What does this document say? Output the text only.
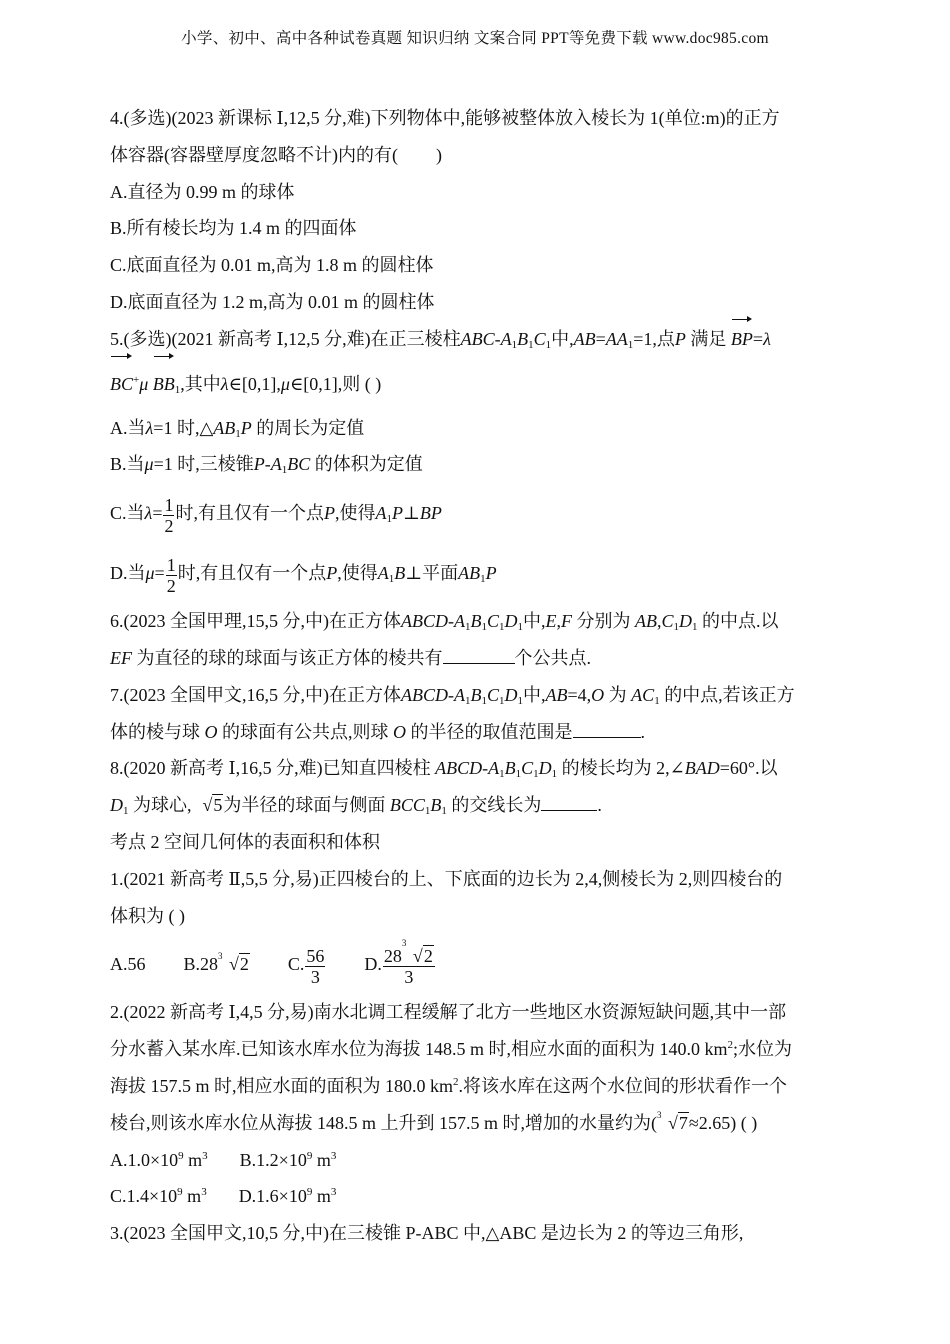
小学、初中、高中各种试卷真题 知识归纳 文案合同 PPT等免费下载 www.doc985.com
4.(多选)(2023 新课标 Ⅰ,12,5 分,难)下列物体中,能够被整体放入棱长为 1(单位:m)的正方
体容器(容器壁厚度忽略不计)内的有( )
A.直径为 0.99 m 的球体
B.所有棱长均为 1.4 m 的四面体
C.底面直径为 0.01 m,高为 1.8 m 的圆柱体
D.底面直径为 1.2 m,高为 0.01 m 的圆柱体
5.(多选)(2021 新高考 Ⅰ,12,5 分,难)在正三棱柱ABC-$A_1B_1C_1$中$,AB=AA_1=1$,点P 满足 BP=λ
BC+μ $BB_1$,其中λ∈[0,1],μ∈[0,1],则 ( )
A.当λ=1 时$,\triangle AB_1P$ 的周长为定值
B.当μ=1 时,三棱锥$P-A_1BC$ 的体积为定值
C.当$\lambda= \frac{1}{2}$ 时,有且仅有一个点P,使得$A_1P\perp BP$
D.当$\mu= \frac{1}{2}$ 时,有且仅有一个点P,使得$A_1B\perp$平面$AB_1P$
6.(2023 全国甲理,15,5 分,中)在正方体ABCD-$A_1B_1C_1D_1$中,E,F 分别为 $AB,C_1D_1$ 的中点.以
EF 为直径的球的球面与该正方体的棱共有	个公共点.
7.(2023 全国甲文,16,5 分,中)在正方体ABCD-$A_1B_1C_1D_1$中,AB=4,O 为 $AC_1$ 的中点,若该正方
体的棱与球 O 的球面有公共点,则球 O 的半径的取值范围是	.
8.(2020 新高考 Ⅰ,16,5 分,难)已知直四棱柱 ABCD-$A_1B_1C_1D_1$ 的棱长均为 2,∠BAD=60°.以
$D_1$ 为球心, √5为半径的球面与侧面 $BCC_1B_1$ 的交线长为	.
考点 2 空间几何体的表面积和体积
1.(2021 新高考 Ⅱ,5,5 分,易)正四棱台的上、下底面的边长为 2,4,侧棱长为 2,则四棱台的
体积为 ( )
A.56 B.28 3 √2 C. $\frac{56}{3} D$. 28
3
√2
3
2.(2022 新高考 Ⅰ,4,5 分,易)南水北调工程缓解了北方一些地区水资源短缺问题,其中一部
分水蓄入某水库.已知该水库水位为海拔 148.5 m 时,相应水面的面积为 140.0 $km^2$;水位为
海拔 157.5 m 时,相应水面的面积为 180.0 $km^2$.将该水库在这两个水位间的形状看作一个
棱台,则该水库水位从海拔 148.5 m 上升到 157.5 m 时,增加的水量约为( 3 √7≈2.65) ( )
$A.1.0\times 10^9$ $m^3$ $B.1.2\times 10^9$ $m^3$
$C.1.4\times 10^9$ $m^3$ $D.1.6\times 10^9$ $m^3$
3.(2023 全国甲文,10,5 分,中)在三棱锥 P-ABC 中,△ABC 是边长为 2 的等边三角形,
